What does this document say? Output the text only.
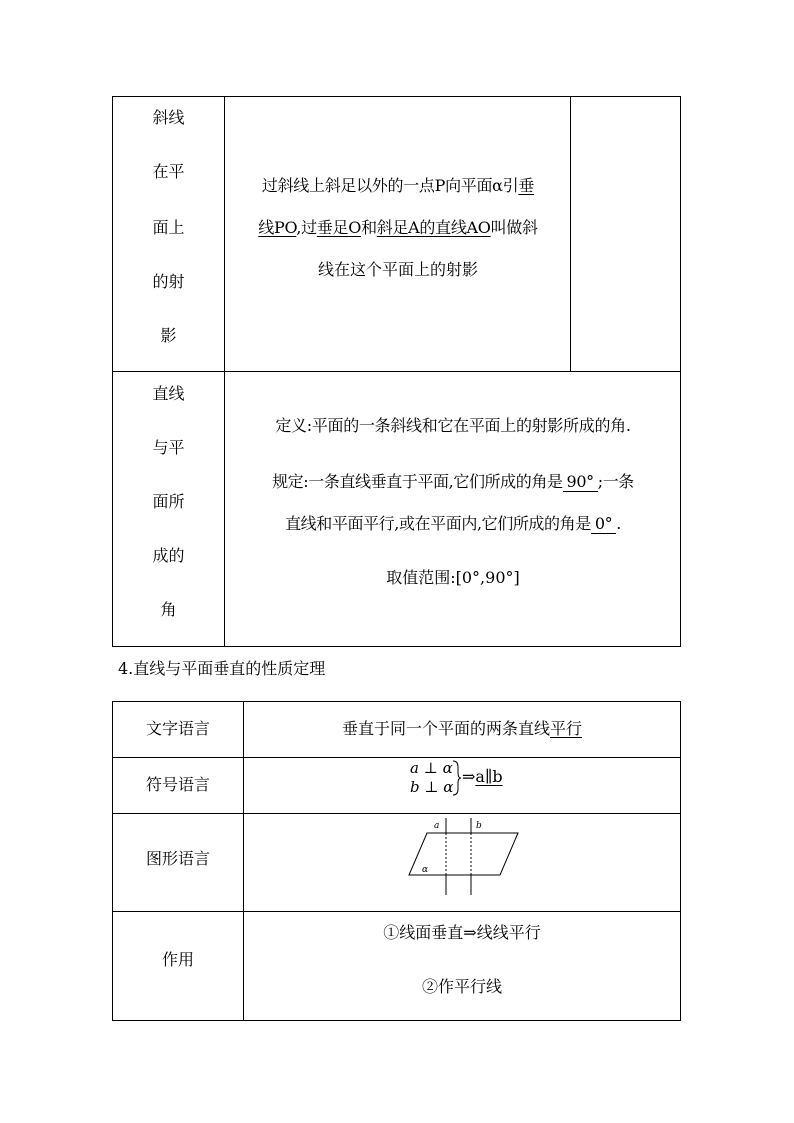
斜线
在平
面上
的射
影
过斜线上斜足以外的一点P向平面α引垂
线PO,过垂足O和斜足A的直线AO叫做斜
线在这个平面上的射影
直线
与平
面所
成的
角
定义:平面的一条斜线和它在平面上的射影所成的角.
规定:一条直线垂直于平面,它们所成的角是 90° ;一条
直线和平面平行,或在平面内,它们所成的角是 0° .
取值范围:[0°,90°]
4.直线与平面垂直的性质定理
文字语言	垂直于同一个平面的两条直线平行
符号语言
a ⊥ α
b ⊥ α
⇒a∥b
图形语言
a	b
α
作用
①线面垂直⇒线线平行
②作平行线
